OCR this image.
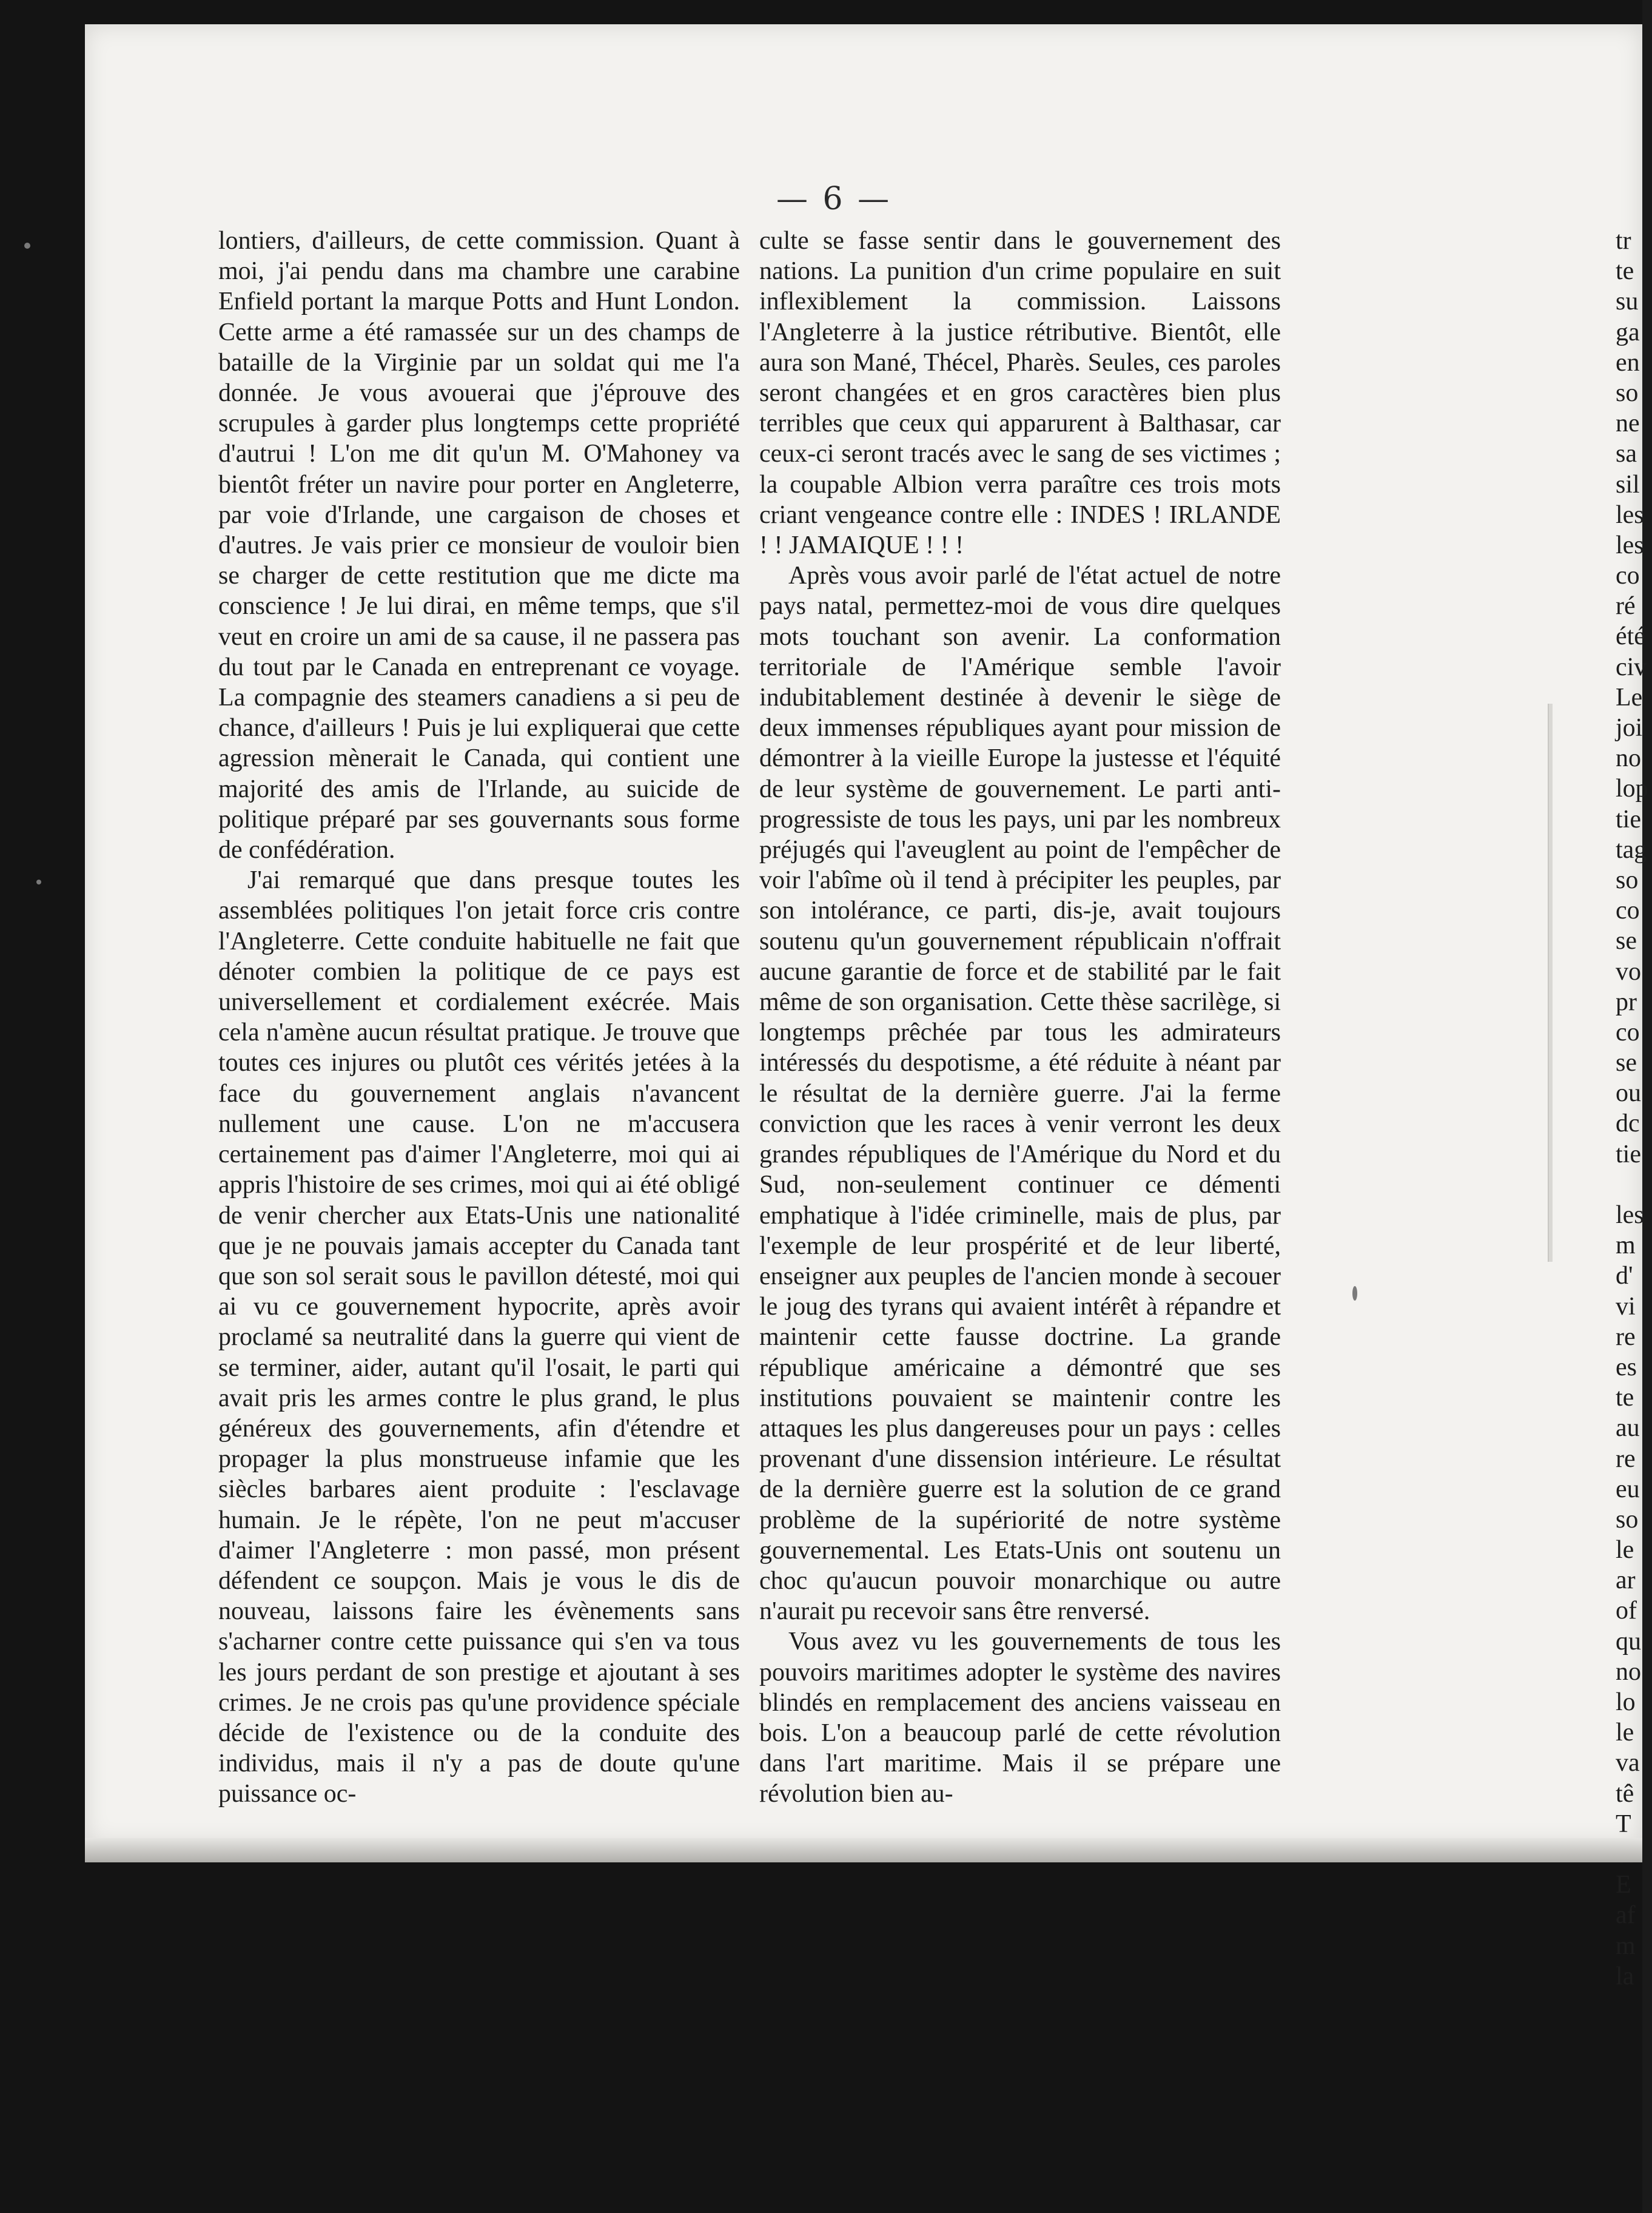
— 6 —

lontiers, d'ailleurs, de cette commission. Quant à moi, j'ai pendu dans ma chambre une carabine Enfield portant la marque Potts and Hunt London. Cette arme a été ramassée sur un des champs de bataille de la Virginie par un soldat qui me l'a donnée. Je vous avouerai que j'éprouve des scrupules à garder plus longtemps cette propriété d'autrui ! L'on me dit qu'un M. O'Mahoney va bientôt fréter un navire pour porter en Angleterre, par voie d'Irlande, une cargaison de choses et d'autres. Je vais prier ce monsieur de vouloir bien se charger de cette restitution que me dicte ma conscience ! Je lui dirai, en même temps, que s'il veut en croire un ami de sa cause, il ne passera pas du tout par le Canada en entreprenant ce voyage. La compagnie des steamers canadiens a si peu de chance, d'ailleurs ! Puis je lui expliquerai que cette agression mènerait le Canada, qui contient une majorité des amis de l'Irlande, au suicide de politique préparé par ses gouvernants sous forme de confédération.

J'ai remarqué que dans presque toutes les assemblées politiques l'on jetait force cris contre l'Angleterre. Cette conduite habituelle ne fait que dénoter combien la politique de ce pays est universellement et cordialement exécrée. Mais cela n'amène aucun résultat pratique. Je trouve que toutes ces injures ou plutôt ces vérités jetées à la face du gouvernement anglais n'avancent nullement une cause. L'on ne m'accusera certainement pas d'aimer l'Angleterre, moi qui ai appris l'histoire de ses crimes, moi qui ai été obligé de venir chercher aux Etats-Unis une nationalité que je ne pouvais jamais accepter du Canada tant que son sol serait sous le pavillon détesté, moi qui ai vu ce gouvernement hypocrite, après avoir proclamé sa neutralité dans la guerre qui vient de se terminer, aider, autant qu'il l'osait, le parti qui avait pris les armes contre le plus grand, le plus généreux des gouvernements, afin d'étendre et propager la plus monstrueuse infamie que les siècles barbares aient produite : l'esclavage humain. Je le répète, l'on ne peut m'accuser d'aimer l'Angleterre : mon passé, mon présent défendent ce soupçon. Mais je vous le dis de nouveau, laissons faire les évènements sans s'acharner contre cette puissance qui s'en va tous les jours perdant de son prestige et ajoutant à ses crimes. Je ne crois pas qu'une providence spéciale décide de l'existence ou de la conduite des individus, mais il n'y a pas de doute qu'une puissance oc-

culte se fasse sentir dans le gouvernement des nations. La punition d'un crime populaire en suit inflexiblement la commission. Laissons l'Angleterre à la justice rétributive. Bientôt, elle aura son Mané, Thécel, Pharès. Seules, ces paroles seront changées et en gros caractères bien plus terribles que ceux qui apparurent à Balthasar, car ceux-ci seront tracés avec le sang de ses victimes ; la coupable Albion verra paraître ces trois mots criant vengeance contre elle : INDES ! IRLANDE ! ! JAMAIQUE ! ! !

Après vous avoir parlé de l'état actuel de notre pays natal, permettez-moi de vous dire quelques mots touchant son avenir. La conformation territoriale de l'Amérique semble l'avoir indubitablement destinée à devenir le siège de deux immenses républiques ayant pour mission de démontrer à la vieille Europe la justesse et l'équité de leur système de gouvernement. Le parti anti-progressiste de tous les pays, uni par les nombreux préjugés qui l'aveuglent au point de l'empêcher de voir l'abîme où il tend à précipiter les peuples, par son intolérance, ce parti, dis-je, avait toujours soutenu qu'un gouvernement républicain n'offrait aucune garantie de force et de stabilité par le fait même de son organisation. Cette thèse sacrilège, si longtemps prêchée par tous les admirateurs intéressés du despotisme, a été réduite à néant par le résultat de la dernière guerre. J'ai la ferme conviction que les races à venir verront les deux grandes républiques de l'Amérique du Nord et du Sud, non-seulement continuer ce démenti emphatique à l'idée criminelle, mais de plus, par l'exemple de leur prospérité et de leur liberté, enseigner aux peuples de l'ancien monde à secouer le joug des tyrans qui avaient intérêt à répandre et maintenir cette fausse doctrine. La grande république américaine a démontré que ses institutions pouvaient se maintenir contre les attaques les plus dangereuses pour un pays : celles provenant d'une dissension intérieure. Le résultat de la dernière guerre est la solution de ce grand problème de la supériorité de notre système gouvernemental. Les Etats-Unis ont soutenu un choc qu'aucun pouvoir monarchique ou autre n'aurait pu recevoir sans être renversé.

Vous avez vu les gouvernements de tous les pouvoirs maritimes adopter le système des navires blindés en remplacement des anciens vaisseau en bois. L'on a beaucoup parlé de cette révolution dans l'art maritime. Mais il se prépare une révolution bien au-

tr
te
su
ga
en
so
ne
sa
sil
les
les
co
ré
été
civ
Le
joi
no
lop
tie
tag
so
co
se
vo
pr
co
se
ou
dc
tie
les
m
d'
vi
re
es
te
au
re
eu
so
le
ar
of
qu
no
lo
le
va
tê
T
E
af
m
la
